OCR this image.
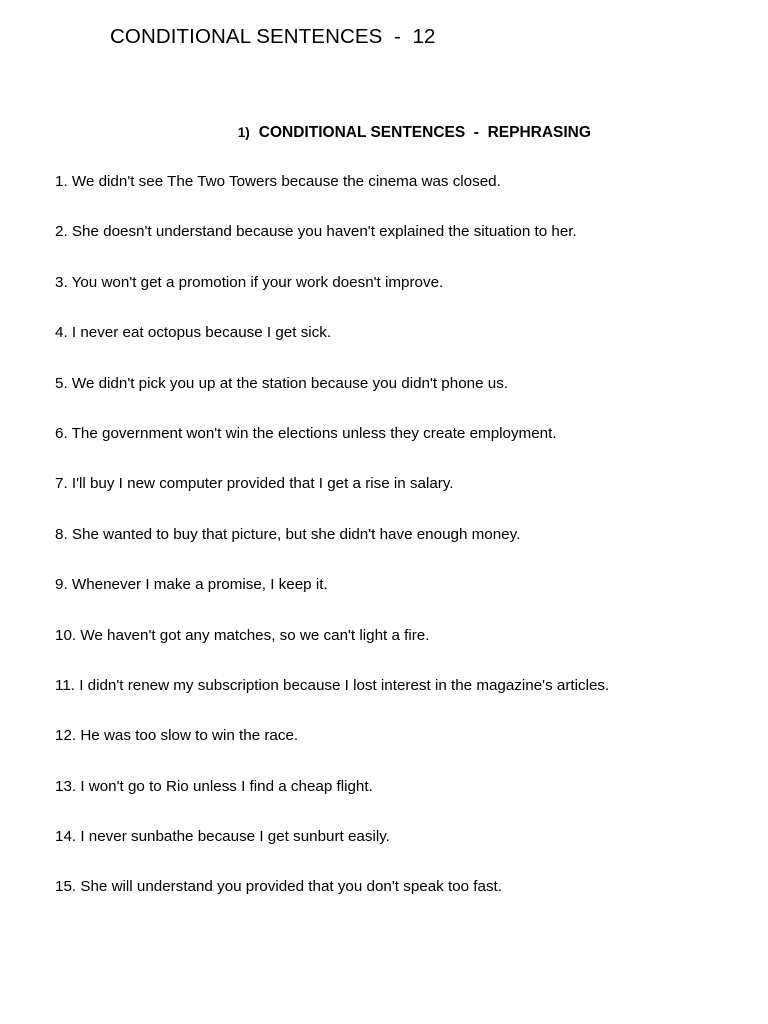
CONDITIONAL SENTENCES  -  12

1) CONDITIONAL SENTENCES  -  REPHRASING

1. We didn't see The Two Towers because the cinema was closed.
2. She doesn't understand because you haven't explained the situation to her.
3. You won't get a promotion if your work doesn't improve.
4. I never eat octopus because I get sick.
5. We didn't pick you up at the station because you didn't phone us.
6. The government won't win the elections unless they create employment.
7. I'll buy I new computer provided that I get a rise in salary.
8. She wanted to buy that picture, but she didn't have enough money.
9. Whenever I make a promise, I keep it.
10. We haven't got any matches, so we can't light a fire.
11. I didn't renew my subscription because I lost interest in the magazine's articles.
12. He was too slow to win the race.
13. I won't go to Rio unless I find a cheap flight.
14. I never sunbathe because I get sunburt easily.
15. She will understand you provided that you don't speak too fast.
